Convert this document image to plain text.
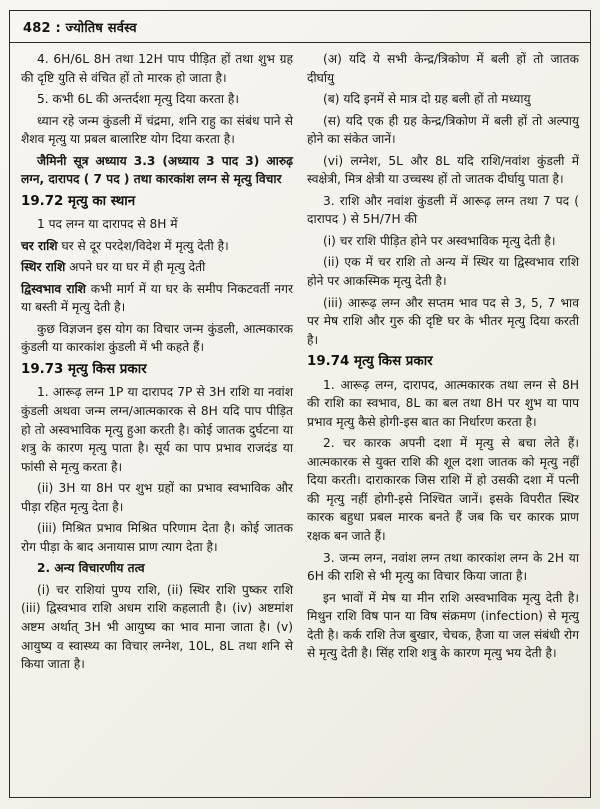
482 : ज्योतिष सर्वस्व

4. 6H/6L 8H तथा 12H पाप पीड़ित हों तथा शुभ ग्रह की दृष्टि युति से वंचित हों तो मारक हो जाता है।

5. कभी 6L की अन्तर्दशा मृत्यु दिया करता है।

ध्यान रहे जन्म कुंडली में चंद्रमा, शनि राहु का संबंध पाने से शैशव मृत्यु या प्रबल बालारिष्ट योग दिया करता है।

जैमिनी सूत्र अध्याय 3.3 (अध्याय 3 पाद 3) आरुढ़ लग्न, दारापद ( 7 पद ) तथा कारकांश लग्न से मृत्यु विचार

19.72 मृत्यु का स्थान

1 पद लग्न या दारापद से 8H में

चर राशि घर से दूर परदेश/विदेश में मृत्यु देती है।

स्थिर राशि अपने घर या घर में ही मृत्यु देती

द्विस्वभाव राशि कभी मार्ग में या घर के समीप निकटवर्ती नगर या बस्ती में मृत्यु देती है।

कुछ विज्ञजन इस योग का विचार जन्म कुंडली, आत्मकारक कुंडली या कारकांश कुंडली में भी कहते हैं।

19.73 मृत्यु किस प्रकार

1. आरूढ़ लग्न 1P या दारापद 7P से 3H राशि या नवांश कुंडली अथवा जन्म लग्न/आत्मकारक से 8H यदि पाप पीड़ित हो तो अस्वभाविक मृत्यु हुआ करती है। कोई जातक दुर्घटना या शत्रु के कारण मृत्यु पाता है। सूर्य का पाप प्रभाव राजदंड या फांसी से मृत्यु करता है।

(ii) 3H या 8H पर शुभ ग्रहों का प्रभाव स्वभाविक और पीड़ा रहित मृत्यु देता है।

(iii) मिश्रित प्रभाव मिश्रित परिणाम देता है। कोई जातक रोग पीड़ा के बाद अनायास प्राण त्याग देता है।

2. अन्य विचारणीय तत्व

(i) चर राशियां पुण्य राशि, (ii) स्थिर राशि पुष्कर राशि (iii) द्विस्वभाव राशि अधम राशि कहलाती है। (iv) अष्टमांश अष्टम अर्थात् 3H भी आयुष्य का भाव माना जाता है। (v) आयुष्य व स्वास्थ्य का विचार लग्नेश, 10L, 8L तथा शनि से किया जाता है।

(अ) यदि ये सभी केन्द्र/त्रिकोण में बली हों तो जातक दीर्घायु

(ब) यदि इनमें से मात्र दो ग्रह बली हों तो मध्यायु

(स) यदि एक ही ग्रह केन्द्र/त्रिकोण में बली हों तो अल्पायु होने का संकेत जानें।

(vi) लग्नेश, 5L और 8L यदि राशि/नवांश कुंडली में स्वक्षेत्री, मित्र क्षेत्री या उच्चस्थ हों तो जातक दीर्घायु पाता है।

3. राशि और नवांश कुंडली में आरूढ़ लग्न तथा 7 पद ( दारापद ) से 5H/7H की

(i) चर राशि पीड़ित होने पर अस्वभाविक मृत्यु देती है।

(ii) एक में चर राशि तो अन्य में स्थिर या द्विस्वभाव राशि होने पर आकस्मिक मृत्यु देती है।

(iii) आरूढ़ लग्न और सप्तम भाव पद से 3, 5, 7 भाव पर मेष राशि और गुरु की दृष्टि घर के भीतर मृत्यु दिया करती है।

19.74 मृत्यु किस प्रकार

1. आरूढ़ लग्न, दारापद, आत्मकारक तथा लग्न से 8H की राशि का स्वभाव, 8L का बल तथा 8H पर शुभ या पाप प्रभाव मृत्यु कैसे होगी-इस बात का निर्धारण करता है।

2. चर कारक अपनी दशा में मृत्यु से बचा लेते हैं। आत्मकारक से युक्त राशि की शूल दशा जातक को मृत्यु नहीं दिया करती। दाराकारक जिस राशि में हो उसकी दशा में पत्नी की मृत्यु नहीं होगी-इसे निश्चित जानें। इसके विपरीत स्थिर कारक बहुधा प्रबल मारक बनते हैं जब कि चर कारक प्राण रक्षक बन जाते हैं।

3. जन्म लग्न, नवांश लग्न तथा कारकांश लग्न के 2H या 6H की राशि से भी मृत्यु का विचार किया जाता है।

इन भावों में मेष या मीन राशि अस्वभाविक मृत्यु देती है। मिथुन राशि विष पान या विष संक्रमण (infection) से मृत्यु देती है। कर्क राशि तेज बुखार, चेचक, हैजा या जल संबंधी रोग से मृत्यु देती है। सिंह राशि शत्रु के कारण मृत्यु भय देती है।
